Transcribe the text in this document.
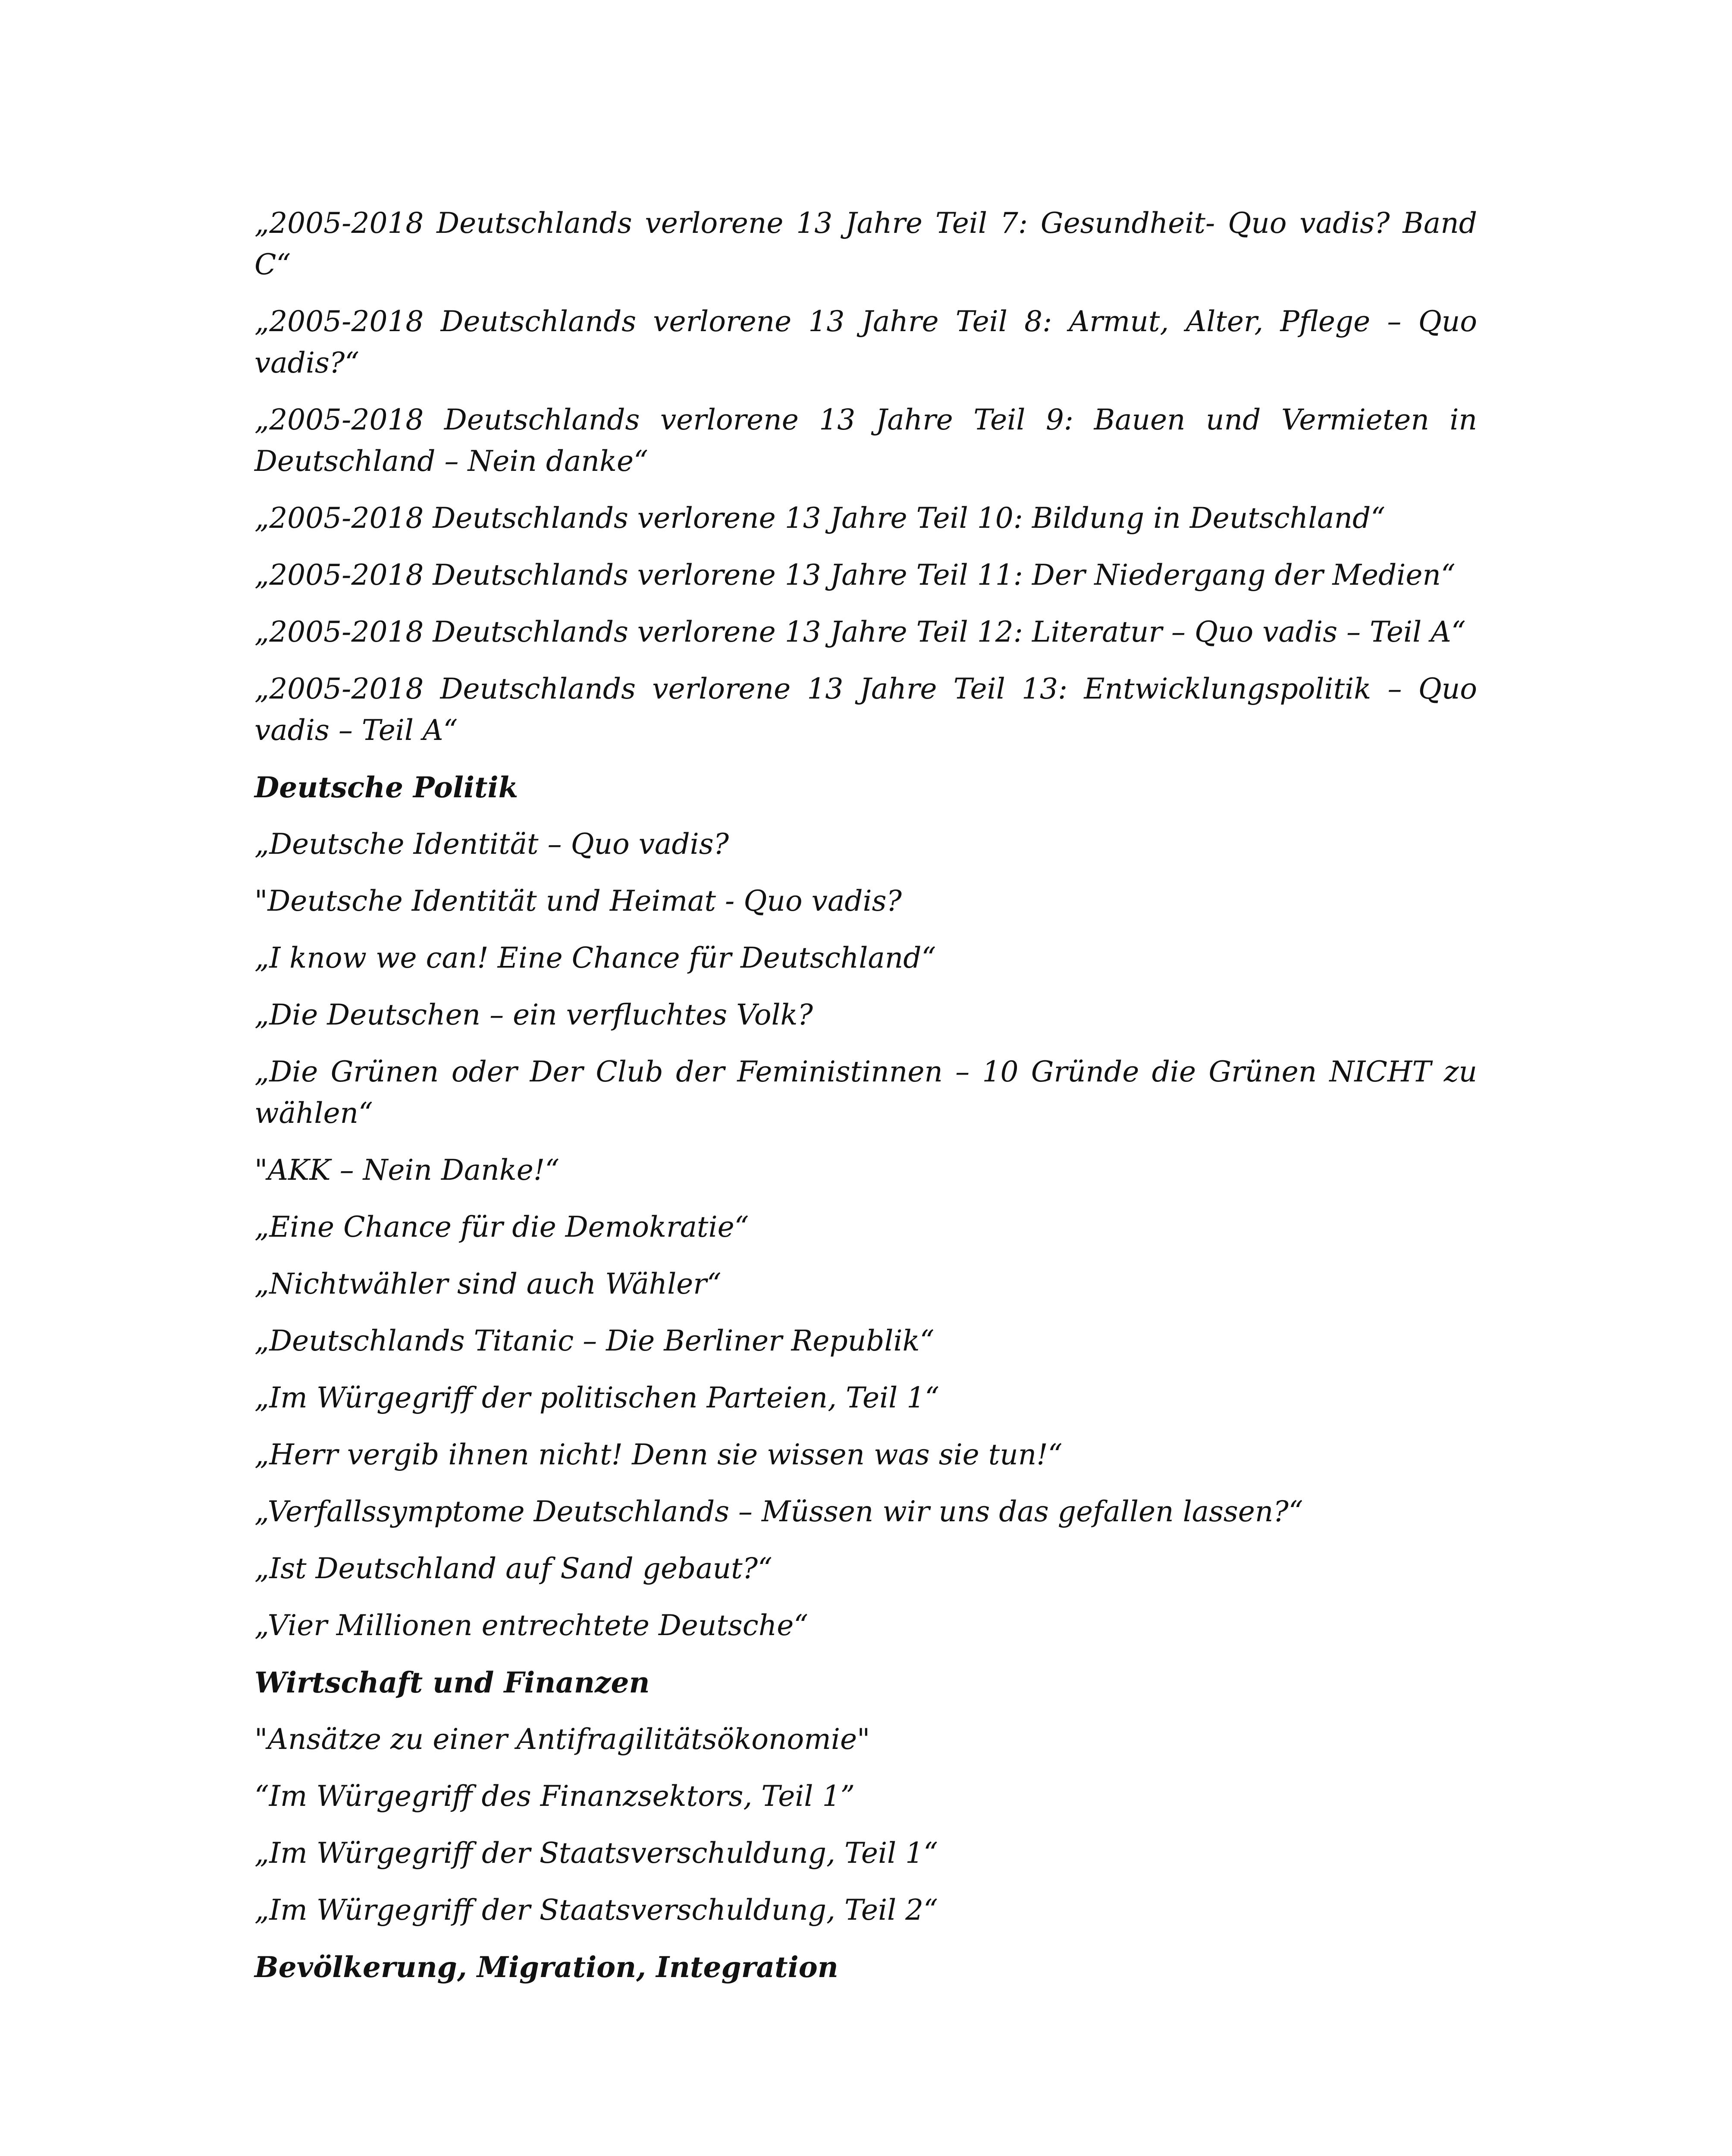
„2005-2018 Deutschlands verlorene 13 Jahre Teil 7: Gesundheit- Quo vadis? Band C“

„2005-2018 Deutschlands verlorene 13 Jahre Teil 8: Armut, Alter, Pflege – Quo vadis?“

„2005-2018 Deutschlands verlorene 13 Jahre Teil 9: Bauen und Vermieten in Deutschland – Nein danke“

„2005-2018 Deutschlands verlorene 13 Jahre Teil 10: Bildung in Deutschland“

„2005-2018 Deutschlands verlorene 13 Jahre Teil 11: Der Niedergang der Medien“

„2005-2018 Deutschlands verlorene 13 Jahre Teil 12: Literatur – Quo vadis – Teil A“

„2005-2018 Deutschlands verlorene 13 Jahre Teil 13: Entwicklungspolitik – Quo vadis – Teil A“

Deutsche Politik

„Deutsche Identität – Quo vadis?

"Deutsche Identität und Heimat - Quo vadis?

„I know we can! Eine Chance für Deutschland“

„Die Deutschen – ein verfluchtes Volk?

„Die Grünen oder Der Club der Feministinnen – 10 Gründe die Grünen NICHT zu wählen“

"AKK – Nein Danke!“

„Eine Chance für die Demokratie“

„Nichtwähler sind auch Wähler“

„Deutschlands Titanic – Die Berliner Republik“

„Im Würgegriff der politischen Parteien, Teil 1“

„Herr vergib ihnen nicht! Denn sie wissen was sie tun!“

„Verfallssymptome Deutschlands – Müssen wir uns das gefallen lassen?“

„Ist Deutschland auf Sand gebaut?“

„Vier Millionen entrechtete Deutsche“

Wirtschaft und Finanzen

"Ansätze zu einer Antifragilitätsökonomie"

“Im Würgegriff des Finanzsektors, Teil 1”

„Im Würgegriff der Staatsverschuldung, Teil 1“

„Im Würgegriff der Staatsverschuldung, Teil 2“

Bevölkerung, Migration, Integration
